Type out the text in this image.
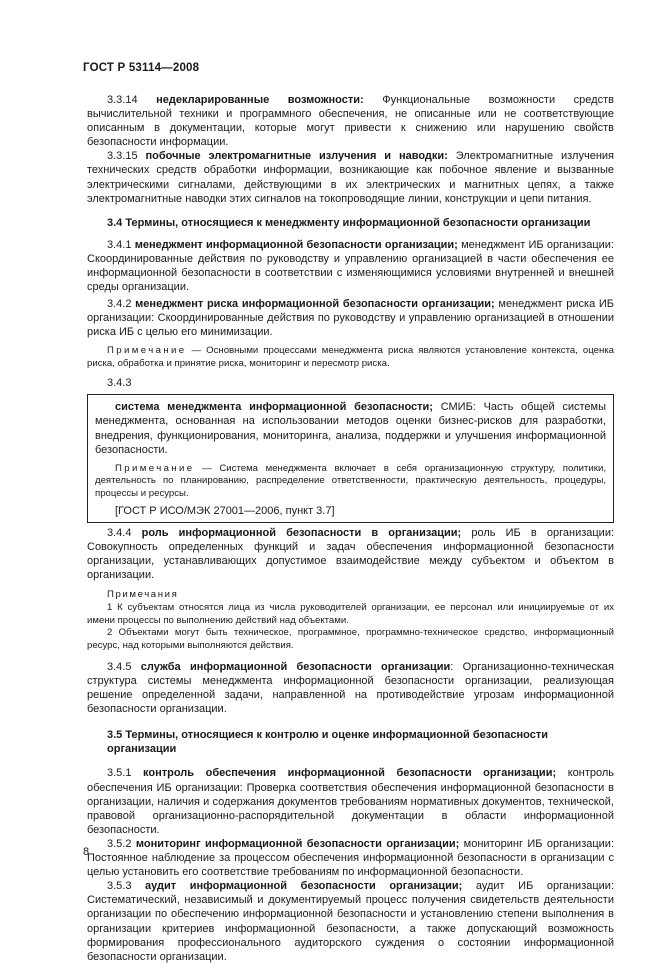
ГОСТ Р 53114—2008

3.3.14 недекларированные возможности: Функциональные возможности средств вычислительной техники и программного обеспечения, не описанные или не соответствующие описанным в документации, которые могут привести к снижению или нарушению свойств безопасности информации.

3.3.15 побочные электромагнитные излучения и наводки: Электромагнитные излучения технических средств обработки информации, возникающие как побочное явление и вызванные электрическими сигналами, действующими в их электрических и магнитных цепях, а также электромагнитные наводки этих сигналов на токопроводящие линии, конструкции и цепи питания.

3.4 Термины, относящиеся к менеджменту информационной безопасности организации

3.4.1 менеджмент информационной безопасности организации; менеджмент ИБ организации: Скоординированные действия по руководству и управлению организацией в части обеспечения ее информационной безопасности в соответствии с изменяющимися условиями внутренней и внешней среды организации.

3.4.2 менеджмент риска информационной безопасности организации; менеджмент риска ИБ организации: Скоординированные действия по руководству и управлению организацией в отношении риска ИБ с целью его минимизации.

Примечание — Основными процессами менеджмента риска являются установление контекста, оценка риска, обработка и принятие риска, мониторинг и пересмотр риска.

3.4.3

система менеджмента информационной безопасности; СМИБ: Часть общей системы менеджмента, основанная на использовании методов оценки бизнес-рисков для разработки, внедрения, функционирования, мониторинга, анализа, поддержки и улучшения информационной безопасности.

Примечание — Система менеджмента включает в себя организационную структуру, политики, деятельность по планированию, распределение ответственности, практическую деятельность, процедуры, процессы и ресурсы.

[ГОСТ Р ИСО/МЭК 27001—2006, пункт 3.7]

3.4.4 роль информационной безопасности в организации; роль ИБ в организации: Совокупность определенных функций и задач обеспечения информационной безопасности организации, устанавливающих допустимое взаимодействие между субъектом и объектом в организации.

Примечания

1 К субъектам относятся лица из числа руководителей организации, ее персонал или инициируемые от их имени процессы по выполнению действий над объектами.

2 Объектами могут быть техническое, программное, программно-техническое средство, информационный ресурс, над которыми выполняются действия.

3.4.5 служба информационной безопасности организации: Организационно-техническая структура системы менеджмента информационной безопасности организации, реализующая решение определенной задачи, направленной на противодействие угрозам информационной безопасности организации.

3.5 Термины, относящиеся к контролю и оценке информационной безопасности организации

3.5.1 контроль обеспечения информационной безопасности организации; контроль обеспечения ИБ организации: Проверка соответствия обеспечения информационной безопасности в организации, наличия и содержания документов требованиям нормативных документов, технической, правовой организационно-распорядительной документации в области информационной безопасности.

3.5.2 мониторинг информационной безопасности организации; мониторинг ИБ организации: Постоянное наблюдение за процессом обеспечения информационной безопасности в организации с целью установить его соответствие требованиям по информационной безопасности.

3.5.3 аудит информационной безопасности организации; аудит ИБ организации: Систематический, независимый и документируемый процесс получения свидетельств деятельности организации по обеспечению информационной безопасности и установлению степени выполнения в организации критериев информационной безопасности, а также допускающий возможность формирования профессионального аудиторского суждения о состоянии информационной безопасности организации.

8
